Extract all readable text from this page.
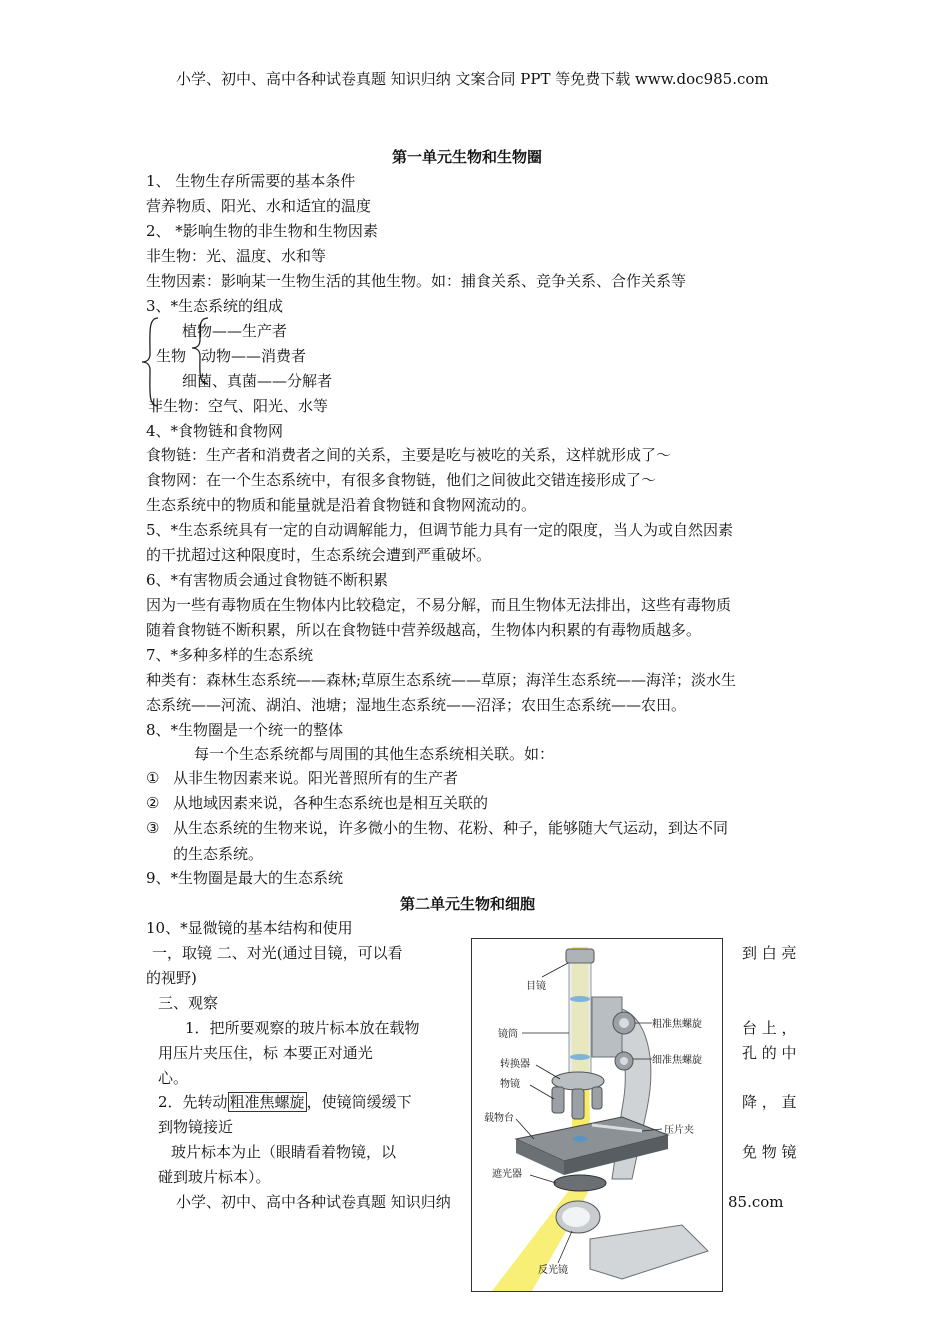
小学、初中、高中各种试卷真题 知识归纳 文案合同 PPT 等免费下载 www.doc985.com
第一单元生物和生物圈
1、 生物生存所需要的基本条件
营养物质、阳光、水和适宜的温度
2、 *影响生物的非生物和生物因素
非生物：光、温度、水和等
生物因素：影响某一生物生活的其他生物。如：捕食关系、竞争关系、合作关系等
3、*生态系统的组成
植物——生产者
生物 动物——消费者
细菌、真菌——分解者
非生物：空气、阳光、水等
4、*食物链和食物网
食物链：生产者和消费者之间的关系，主要是吃与被吃的关系，这样就形成了～
食物网：在一个生态系统中，有很多食物链，他们之间彼此交错连接形成了～
生态系统中的物质和能量就是沿着食物链和食物网流动的。
5、*生态系统具有一定的自动调解能力，但调节能力具有一定的限度，当人为或自然因素
的干扰超过这种限度时，生态系统会遭到严重破坏。
6、*有害物质会通过食物链不断积累
因为一些有毒物质在生物体内比较稳定，不易分解，而且生物体无法排出，这些有毒物质
随着食物链不断积累，所以在食物链中营养级越高，生物体内积累的有毒物质越多。
7、*多种多样的生态系统
种类有：森林生态系统——森林;草原生态系统——草原；海洋生态系统——海洋；淡水生
态系统——河流、湖泊、池塘；湿地生态系统——沼泽；农田生态系统——农田。
8、*生物圈是一个统一的整体
每一个生态系统都与周围的其他生态系统相关联。如：
① 从非生物因素来说。阳光普照所有的生产者
② 从地域因素来说，各种生态系统也是相互关联的
③ 从生态系统的生物来说，许多微小的生物、花粉、种子，能够随大气运动，到达不同
的生态系统。
9、*生物圈是最大的生态系统
第二单元生物和细胞
10、*显微镜的基本结构和使用
一，取镜 二、对光(通过目镜，可以看	到 白 亮
的视野)
三、观察
1．把所要观察的玻片标本放在载物	台 上 ，
用压片夹压住，标 本要正对通光	孔 的 中
心。
2．先转动 粗准焦螺旋 ，使镜筒缓缓下	降 ， 直
到物镜接近
玻片标本为止（眼睛看着物镜，以	免 物 镜
碰到玻片标本）。
小学、初中、高中各种试卷真题 知识归纳	85.com
目镜
镜筒
粗准焦螺旋
细准焦螺旋
转换器
物镜
载物台
压片夹
遮光器
反光镜
